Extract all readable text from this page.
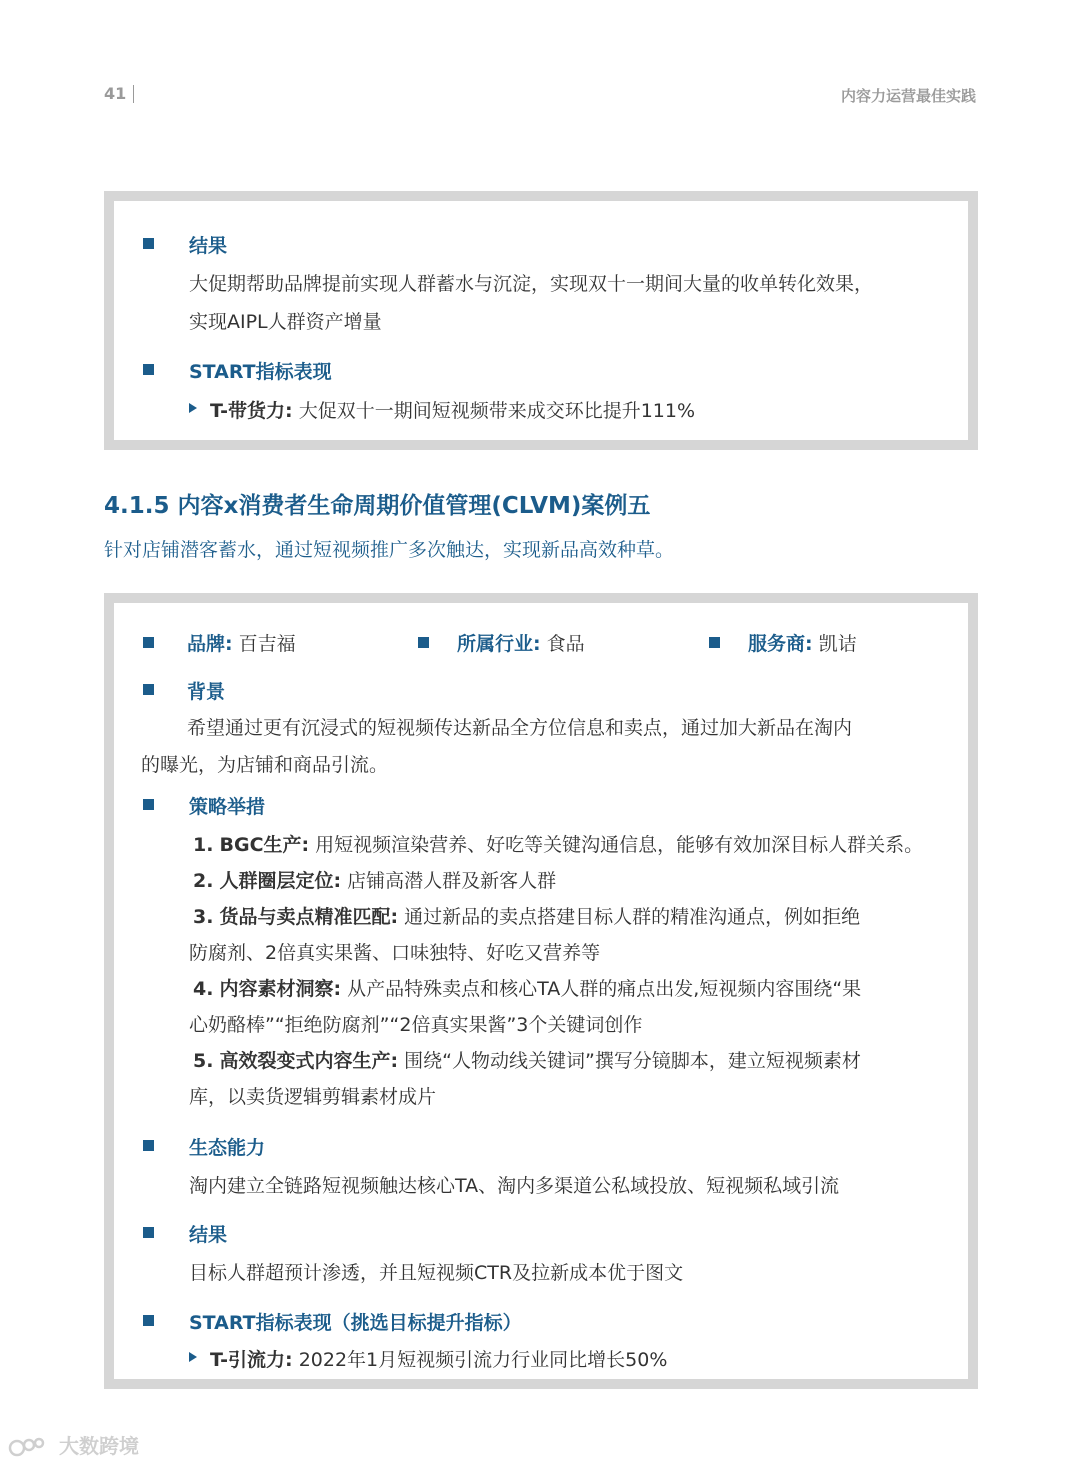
41	内容力运营最佳实践
结果
大促期帮助品牌提前实现人群蓄水与沉淀，实现双十一期间大量的收单转化效果，
实现AIPL人群资产增量
START指标表现
T-带货力: 大促双十一期间短视频带来成交环比提升111%
4.1.5 内容x消费者生命周期价值管理(CLVM)案例五
针对店铺潜客蓄水，通过短视频推广多次触达，实现新品高效种草。
品牌: 百吉福	所属行业: 食品	服务商: 凯诘
背景
希望通过更有沉浸式的短视频传达新品全方位信息和卖点，通过加大新品在淘内
的曝光，为店铺和商品引流。
策略举措
1. BGC生产: 用短视频渲染营养、好吃等关键沟通信息，能够有效加深目标人群关系。
2. 人群圈层定位: 店铺高潜人群及新客人群
3. 货品与卖点精准匹配: 通过新品的卖点搭建目标人群的精准沟通点，例如拒绝
防腐剂、2倍真实果酱、口味独特、好吃又营养等
4. 内容素材洞察: 从产品特殊卖点和核心TA人群的痛点出发,短视频内容围绕“果
心奶酪棒”“拒绝防腐剂”“2倍真实果酱”3个关键词创作
5. 高效裂变式内容生产: 围绕“人物动线关键词”撰写分镜脚本，建立短视频素材
库，以卖货逻辑剪辑素材成片
生态能力
淘内建立全链路短视频触达核心TA、淘内多渠道公私域投放、短视频私域引流
结果
目标人群超预计渗透，并且短视频CTR及拉新成本优于图文
START指标表现（挑选目标提升指标）
T-引流力: 2022年1月短视频引流力行业同比增长50%
大数跨境
